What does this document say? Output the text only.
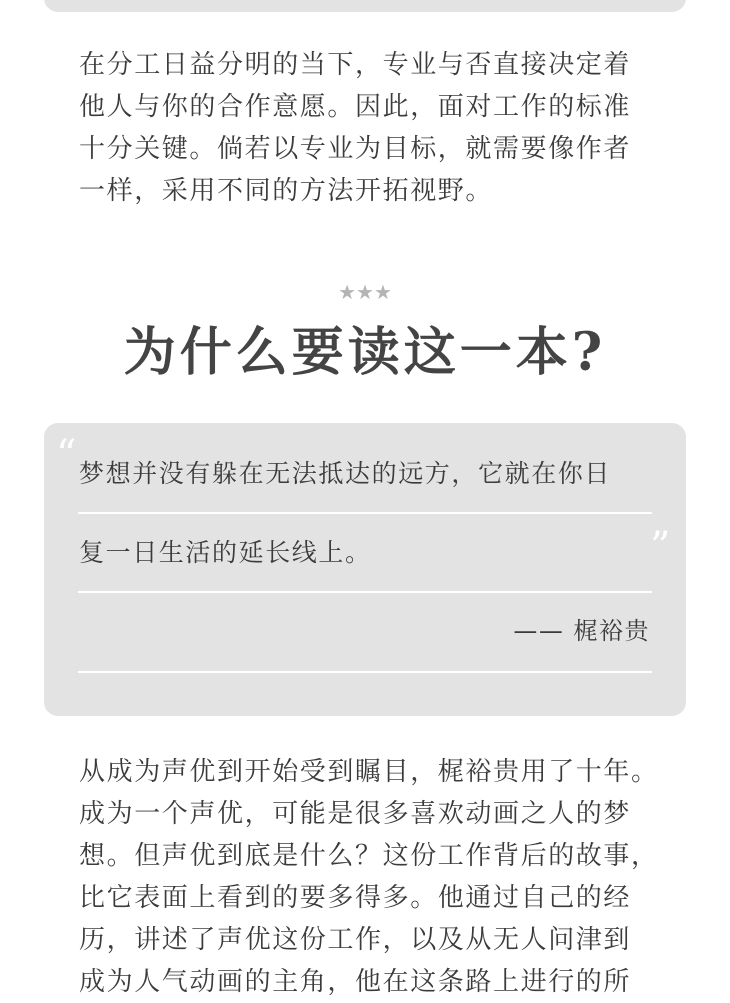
在分工日益分明的当下，专业与否直接决定着
他人与你的合作意愿。因此，面对工作的标准
十分关键。倘若以专业为目标，就需要像作者
一样，采用不同的方法开拓视野。

★★★
为什么要读这一本?
“
”
梦想并没有躲在无法抵达的远方，它就在你日
复一日生活的延长线上。
—— 梶裕贵

从成为声优到开始受到瞩目，梶裕贵用了十年。
成为一个声优，可能是很多喜欢动画之人的梦
想。但声优到底是什么？这份工作背后的故事，
比它表面上看到的要多得多。他通过自己的经
历，讲述了声优这份工作，以及从无人问津到
成为人气动画的主角，他在这条路上进行的所
